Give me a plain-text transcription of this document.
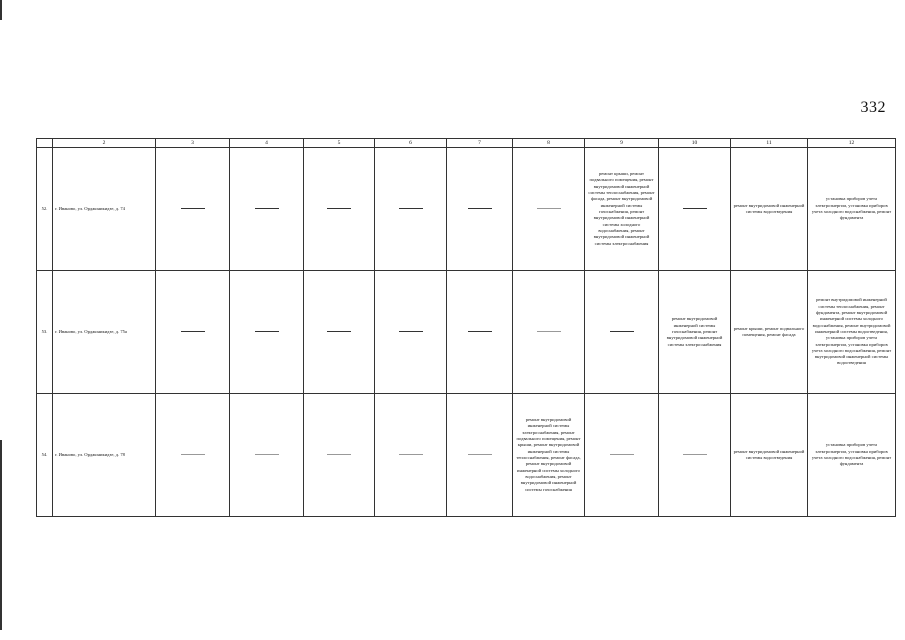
332
	2	3	4	5	6	7	8	9	10	11	12
52.	г. Иваново, ул. Орджоникидзе, д. 74							ремонт крыши, ремонт подвального помещения, ремонт внутридомовой инженерной системы теплоснабжения, ремонт фасада, ремонт внутридомовой инженерной системы газоснабжения, ремонт внутридомовой инженерной системы холодного водоснабжения, ремонт внутридомовой инженерной системы электроснабжения		ремонт внутридомовой инженерной системы водоотведения	установка приборов учета электроэнергии, установка приборов учета холодного водоснабжения, ремонт фундамента
53.	г. Иваново, ул. Орджоникидзе, д. 75а								ремонт внутридомовой инженерной системы газоснабжения, ремонт внутридомовой инженерной системы электроснабжения	ремонт крыши, ремонт подвального помещения, ремонт фасада	ремонт внутридомовой инженерной системы теплоснабжения, ремонт фундамента, ремонт внутридомовой инженерной системы холодного водоснабжения, ремонт внутридомовой инженерной системы водоотведения, установка приборов учета электроэнергии, установка приборов учета холодного водоснабжения, ремонт внутридомовой инженерной системы водоотведения
54.	г. Иваново, ул. Орджоникидзе, д. 78						ремонт внутридомовой инженерной системы электроснабжения, ремонт подвального помещения, ремонт крыши, ремонт внутридомовой инженерной системы теплоснабжения, ремонт фасада, ремонт внутридомовой инженерной системы холодного водоснабжения, ремонт внутридомовой инженерной системы газоснабжения			ремонт внутридомовой инженерной системы водоотведения	установка приборов учета электроэнергии, установка приборов учета холодного водоснабжения, ремонт фундамента
